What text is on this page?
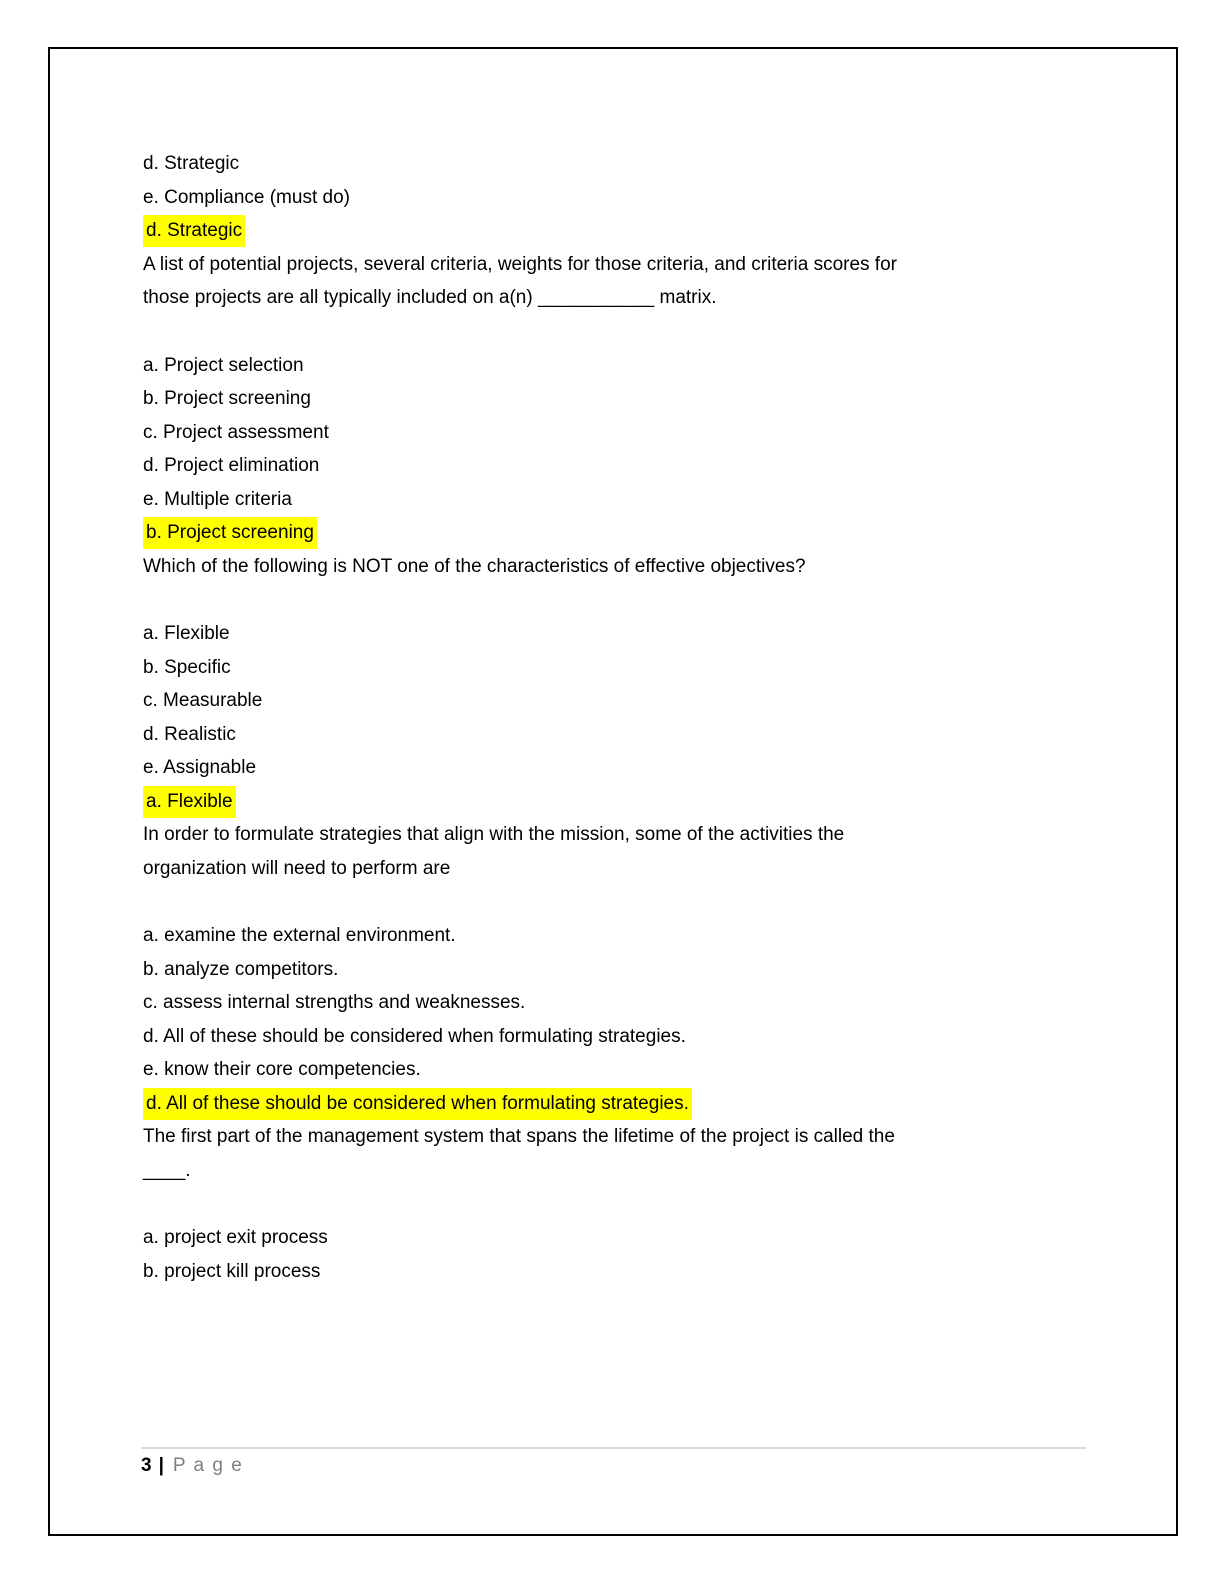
d. Strategic

e. Compliance (must do)

d. Strategic

A list of potential projects, several criteria, weights for those criteria, and criteria scores for

those projects are all typically included on a(n) ___________ matrix.

a. Project selection

b. Project screening

c. Project assessment

d. Project elimination

e. Multiple criteria

b. Project screening

Which of the following is NOT one of the characteristics of effective objectives?

a. Flexible

b. Specific

c. Measurable

d. Realistic

e. Assignable

a. Flexible

In order to formulate strategies that align with the mission, some of the activities the

organization will need to perform are

a. examine the external environment.

b. analyze competitors.

c. assess internal strengths and weaknesses.

d. All of these should be considered when formulating strategies.

e. know their core competencies.

d. All of these should be considered when formulating strategies.

The first part of the management system that spans the lifetime of the project is called the

____.

a. project exit process

b. project kill process

3 | P a g e
